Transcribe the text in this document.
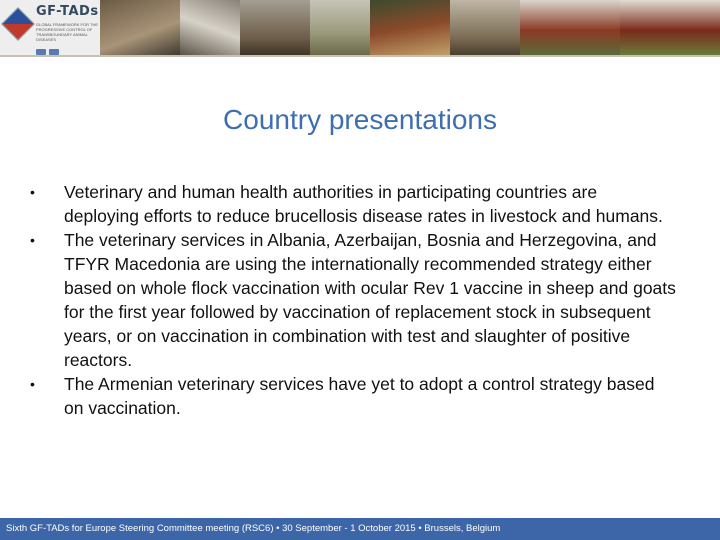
GF-TADs
GLOBAL FRAMEWORK FOR THE PROGRESSIVE CONTROL OF TRANSBOUNDARY ANIMAL DISEASES
Country presentations
• Veterinary and human health authorities in participating countries are deploying efforts to reduce brucellosis disease rates in livestock and humans.
• The veterinary services in Albania, Azerbaijan, Bosnia and Herzegovina, and TFYR Macedonia are using the internationally recommended strategy either based on whole flock vaccination with ocular Rev 1 vaccine in sheep and goats for the first year followed by vaccination of replacement stock in subsequent years, or on vaccination in combination with test and slaughter of positive reactors.
• The Armenian veterinary services have yet to adopt a control strategy based on vaccination.
Sixth GF-TADs for Europe Steering Committee meeting (RSC6) • 30 September - 1 October 2015 • Brussels, Belgium
